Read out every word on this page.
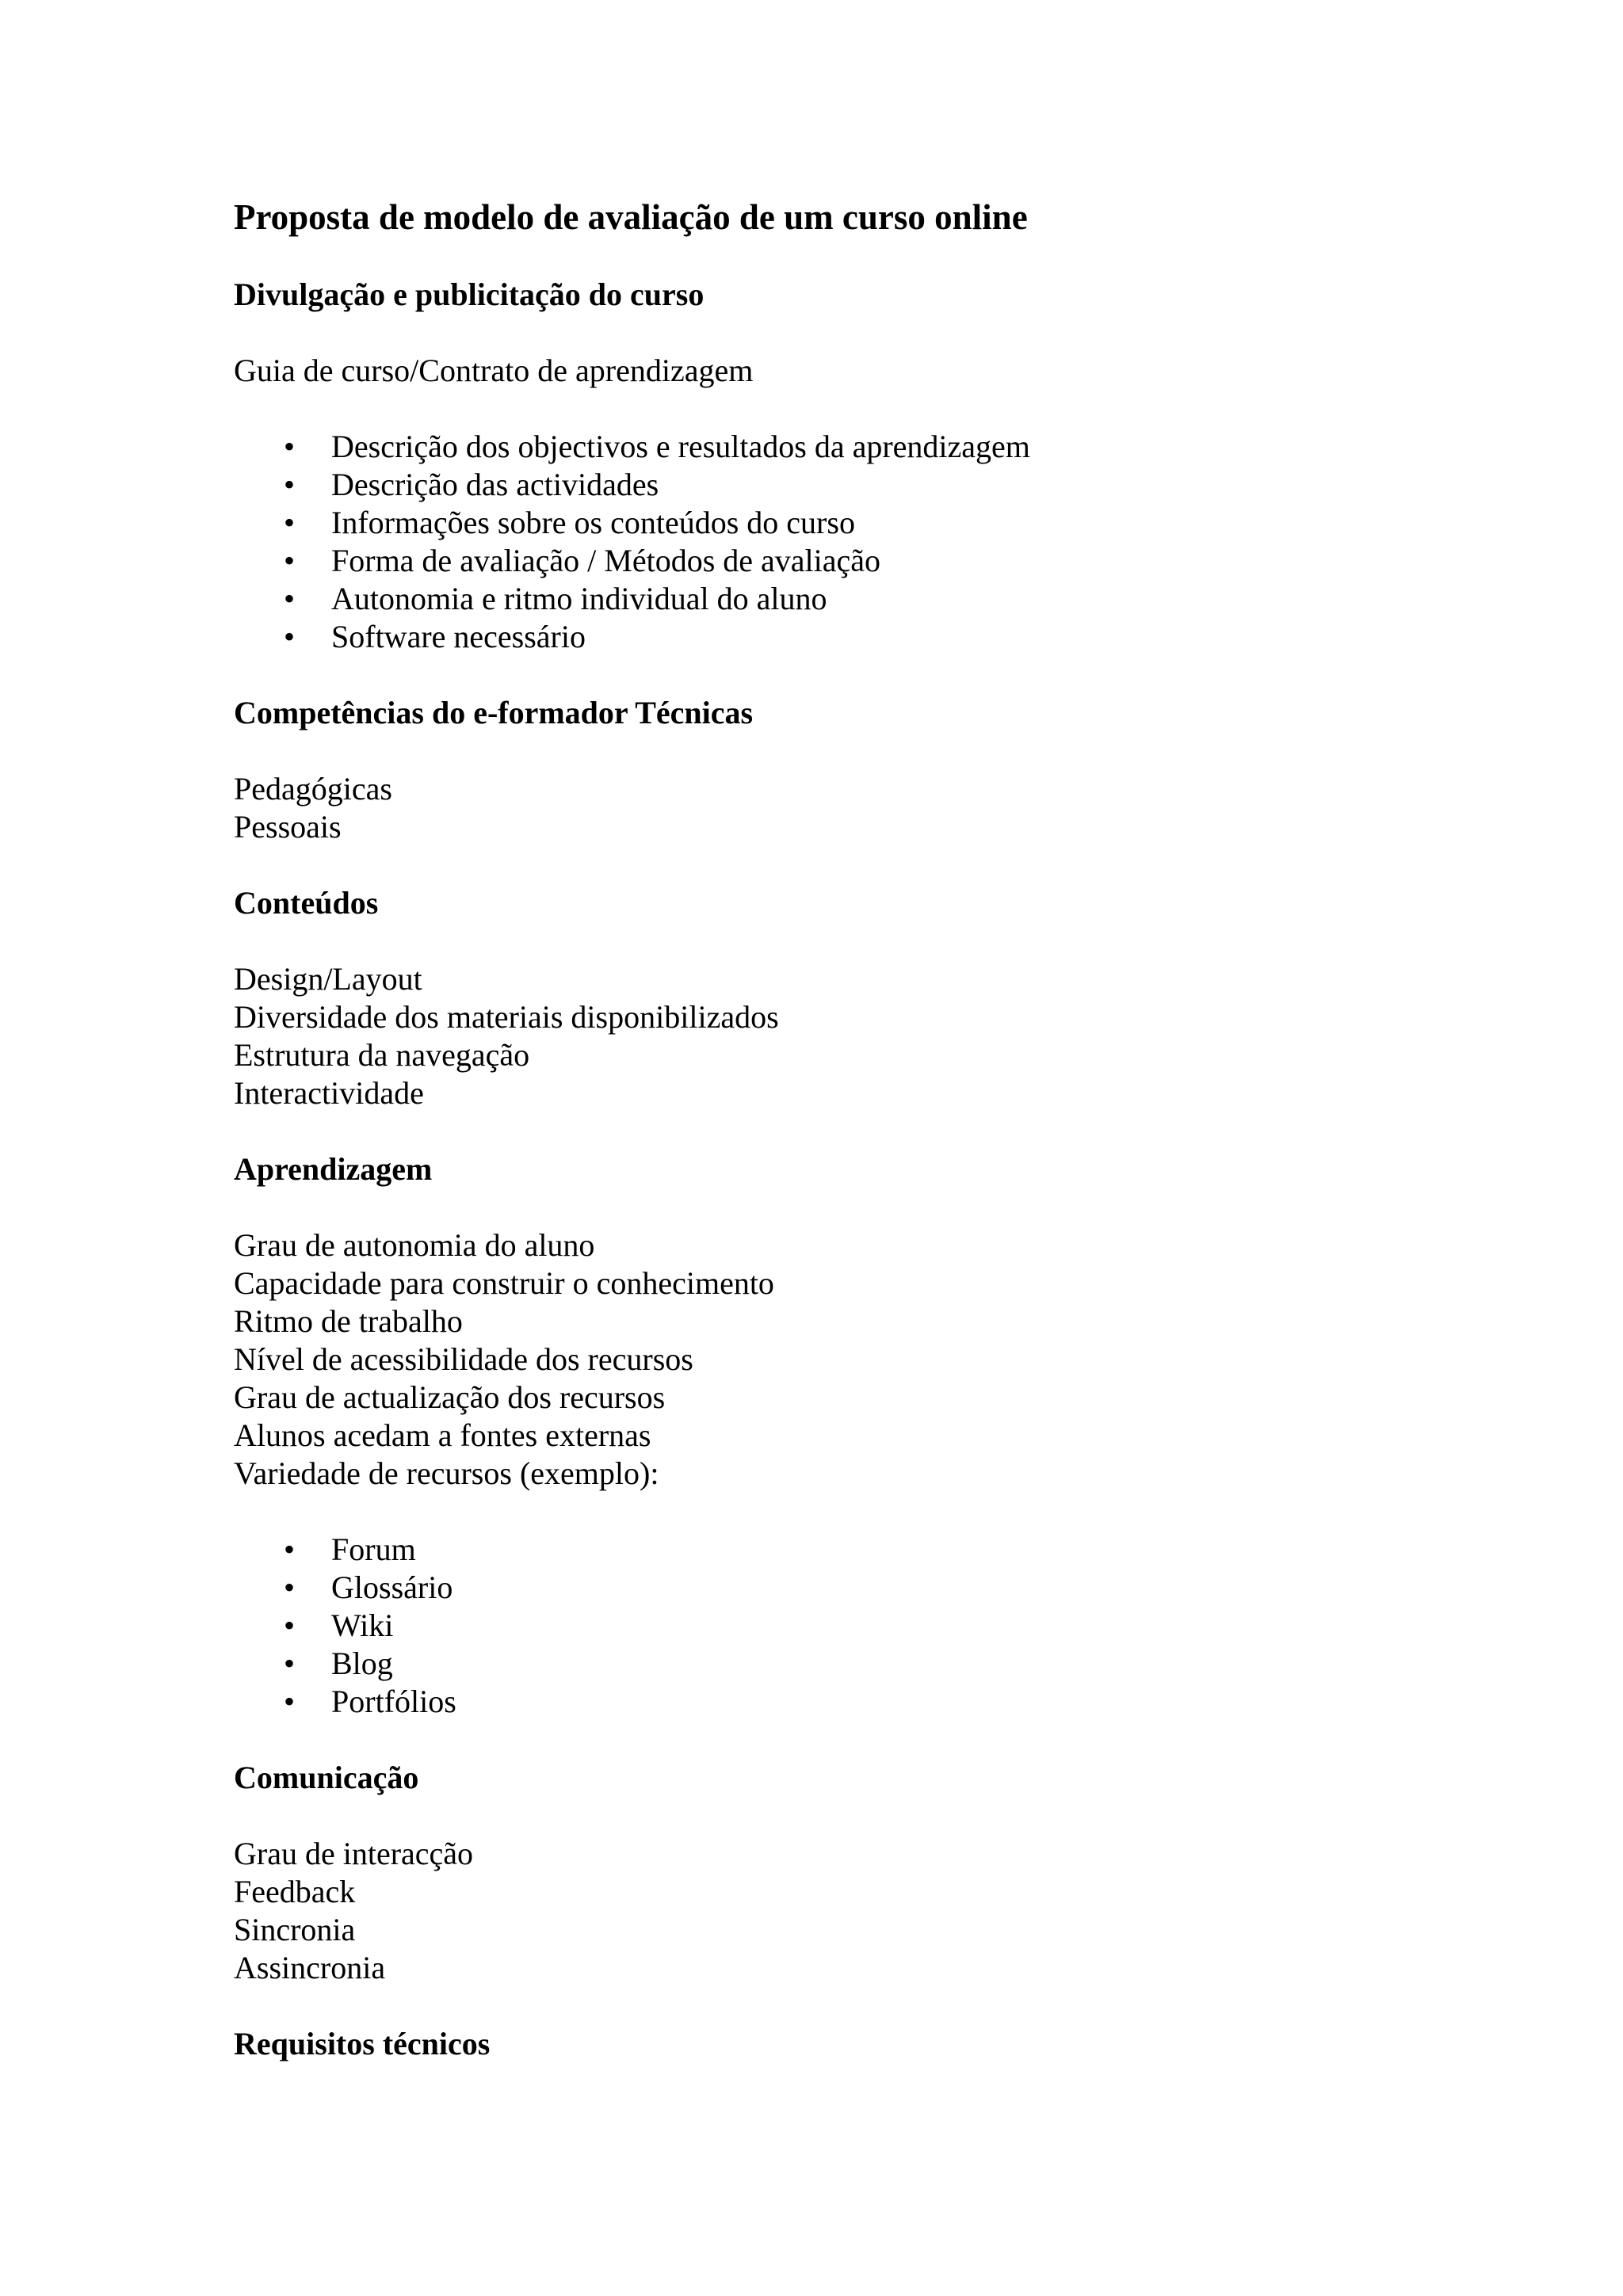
Proposta de modelo de avaliação de um curso online
Divulgação e publicitação do curso

Guia de curso/Contrato de aprendizagem

• Descrição dos objectivos e resultados da aprendizagem
• Descrição das actividades
• Informações sobre os conteúdos do curso
• Forma de avaliação / Métodos de avaliação
• Autonomia e ritmo individual do aluno
• Software necessário
Competências do e-formador Técnicas

Pedagógicas

Pessoais

Conteúdos

Design/Layout

Diversidade dos materiais disponibilizados

Estrutura da navegação

Interactividade

Aprendizagem

Grau de autonomia do aluno

Capacidade para construir o conhecimento

Ritmo de trabalho

Nível de acessibilidade dos recursos

Grau de actualização dos recursos

Alunos acedam a fontes externas

Variedade de recursos (exemplo):

• Forum
• Glossário
• Wiki
• Blog
• Portfólios
Comunicação

Grau de interacção

Feedback

Sincronia

Assincronia

Requisitos técnicos
